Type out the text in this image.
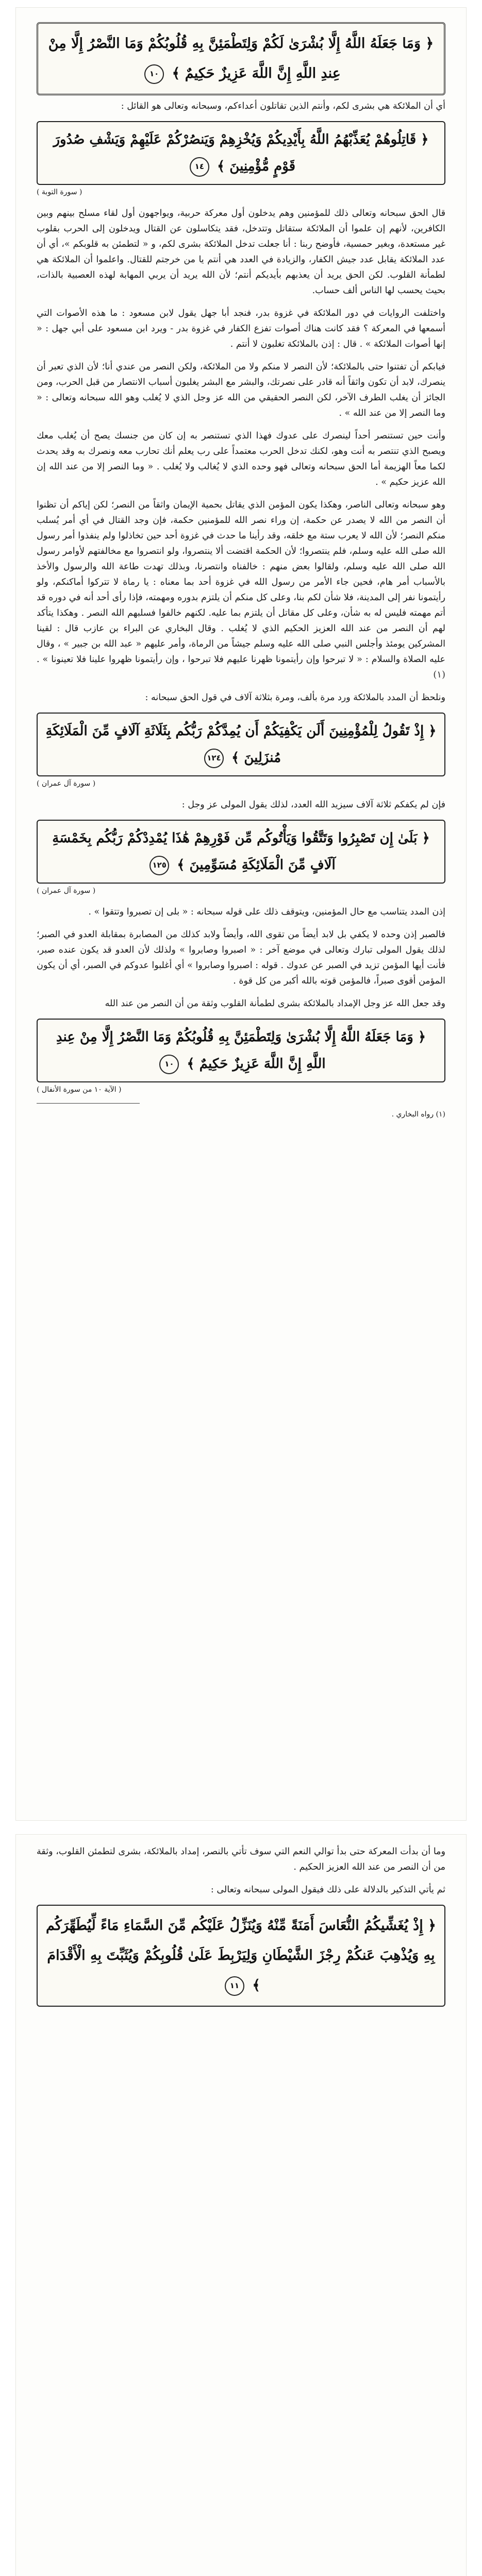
﴿ وَمَا جَعَلَهُ اللَّهُ إِلَّا بُشْرَىٰ لَكُمْ وَلِتَطْمَئِنَّ بِهِ قُلُوبُكُمْ وَمَا النَّصْرُ إِلَّا مِنْ عِندِ اللَّهِ إِنَّ اللَّهَ عَزِيزٌ حَكِيمٌ ﴾ ١٠

أي أن الملائكة هي بشرى لكم، وأنتم الذين تقاتلون أعداءكم، وسبحانه وتعالى هو القائل :

﴿ قَاتِلُوهُمْ يُعَذِّبْهُمُ اللَّهُ بِأَيْدِيكُمْ وَيُخْزِهِمْ وَيَنصُرْكُمْ عَلَيْهِمْ وَيَشْفِ صُدُورَ قَوْمٍ مُّؤْمِنِينَ ﴾ ١٤

( سورة التوبة )

قال الحق سبحانه وتعالى ذلك للمؤمنين وهم يدخلون أول معركة حربية، ويواجهون أول لقاء مسلح بينهم وبين الكافرين، لأنهم إن علموا أن الملائكة ستقاتل وتتدخل، فقد يتكاسلون عن القتال ويدخلون إلى الحرب بقلوب غير مستعدة، وبغير حمسية، فأوضح ربنا : أنا جعلت تدخل الملائكة بشرى لكم، و « لتطمئن به قلوبكم »، أي أن عدد الملائكة يقابل عدد جيش الكفار، والزيادة في العدد هي أنتم يا من خرجتم للقتال. واعلموا أن الملائكة هي لطمأنة القلوب. لكن الحق يريد أن يعذبهم بأيديكم أنتم؛ لأن الله يريد أن يربي المهابة لهذه العصبية بالذات، بحيث يحسب لها الناس ألف حساب.

واختلفت الروايات في دور الملائكة في غزوة بدر، فنجد أبا جهل يقول لابن مسعود : ما هذه الأصوات التي أسمعها في المعركة ؟ فقد كانت هناك أصوات تفزع الكفار في غزوة بدر - ويرد ابن مسعود على أبي جهل : « إنها أصوات الملائكة » . قال : إذن بالملائكة تغلبون لا أنتم .

فيابكم أن تفتنوا حتى بالملائكة؛ لأن النصر لا منكم ولا من الملائكة، ولكن النصر من عندي أنا؛ لأن الذي تعبر أن ينصرك، لابد أن تكون واثقاً أنه قادر على نصرتك، والبشر مع البشر يغلبون أسباب الانتصار من قبل الحرب، ومن الجائز أن يغلب الطرف الآخر، لكن النصر الحقيقي من الله عز وجل الذي لا يُغلب وهو الله سبحانه وتعالى : « وما النصر إلا من عند الله » .

وأنت حين تستنصر أحداً لينصرك على عدوك فهذا الذي تستنصر به إن كان من جنسك يصح أن يُغلب معك ويصبح الذي تنتصر به أنت وهو، لكنك تدخل الحرب معتمداً على رب يعلم أنك تحارب معه ونصرك به وقد يحدث لكما معاً الهزيمة أما الحق سبحانه وتعالى فهو وحده الذي لا يُغالب ولا يُغلب . « وما النصر إلا من عند الله إن الله عزيز حكيم » .

وهو سبحانه وتعالى الناصر، وهكذا يكون المؤمن الذي يقاتل بحمية الإيمان واثقاً من النصر؛ لكن إياكم أن تظنوا أن النصر من الله لا يصدر عن حكمة، إن وراء نصر الله للمؤمنين حكمة، فإن وجد القتال في أي أمر يُسلب منكم النصر؛ لأن الله لا يعرب ستة مع خلقه، وقد رأينا ما حدث في غزوة أحد حين تخاذلوا ولم ينفذوا أمر رسول الله صلى الله عليه وسلم، فلم ينتصروا؛ لأن الحكمة اقتضت ألا ينتصروا، ولو انتصروا مع مخالفتهم لأوامر رسول الله صلى الله عليه وسلم، ولقالوا بعض منهم : خالفناه وانتصرنا، وبذلك تهدت طاعة الله والرسول والأخذ بالأسباب أمر هام، فحين جاء الأمر من رسول الله في غزوة أحد بما معناه : يا رماة لا تتركوا أماكنكم، ولو رأيتمونا نفر إلى المدينة، فلا شأن لكم بنا، وعلى كل منكم أن يلتزم بدوره ومهمته، فإذا رأى أحد أنه في دوره قد أتم مهمته فليس له به شأن، وعلى كل مقاتل أن يلتزم بما عليه. لكنهم خالفوا فسلبهم الله النصر . وهكذا يتأكد لهم أن النصر من عند الله العزيز الحكيم الذي لا يُغلب . وقال البخاري عن البراء بن عازب قال : لقينا المشركين يومئذ وأجلس النبي صلى الله عليه وسلم جيشاً من الرماة، وأمر عليهم « عبد الله بن جبير » ، وقال عليه الصلاة والسلام : « لا تبرحوا وإن رأيتمونا ظهرنا عليهم فلا تبرحوا ، وإن رأيتمونا ظهروا علينا فلا تعينونا » . (١)

ونلحظ أن المدد بالملائكة ورد مرة بألف، ومرة بثلاثة آلاف في قول الحق سبحانه :

﴿ إِذْ تَقُولُ لِلْمُؤْمِنِينَ أَلَن يَكْفِيَكُمْ أَن يُمِدَّكُمْ رَبُّكُم بِثَلَاثَةِ آلَافٍ مِّنَ الْمَلَائِكَةِ مُنزَلِينَ ﴾ ١٢٤

( سورة آل عمران )

فإن لم يكفكم ثلاثة آلاف سيزيد الله العدد، لذلك يقول المولى عز وجل :

﴿ بَلَىٰ إِن تَصْبِرُوا وَتَتَّقُوا وَيَأْتُوكُم مِّن فَوْرِهِمْ هَٰذَا يُمْدِدْكُمْ رَبُّكُم بِخَمْسَةِ آلَافٍ مِّنَ الْمَلَائِكَةِ مُسَوِّمِينَ ﴾ ١٢٥

( سورة آل عمران )

إذن المدد يتناسب مع حال المؤمنين، ويتوقف ذلك على قوله سبحانه : « بلى إن تصبروا وتتقوا » .

فالصبر إذن وحده لا يكفي بل لابد أيضاً من تقوى الله، وأيضاً ولابد كذلك من المصابرة بمقابلة العدو في الصبر؛ لذلك يقول المولى تبارك وتعالى في موضع آخر : « اصبروا وصابروا » ولذلك لأن العدو قد يكون عنده صبر، فأنت أيها المؤمن تزيد في الصبر عن عدوك . قوله : اصبروا وصابروا » أي أغلبوا عدوكم في الصبر، أي أن يكون المؤمن أقوى صبراً، فالمؤمن قوته بالله أكبر من كل قوة .

وقد جعل الله عز وجل الإمداد بالملائكة بشرى لطمأنة القلوب وثقة من أن النصر من عند الله

﴿ وَمَا جَعَلَهُ اللَّهُ إِلَّا بُشْرَىٰ وَلِتَطْمَئِنَّ بِهِ قُلُوبُكُمْ وَمَا النَّصْرُ إِلَّا مِنْ عِندِ اللَّهِ إِنَّ اللَّهَ عَزِيزٌ حَكِيمٌ ﴾ ١٠

( الآية ١٠ من سورة الأنفال )

(١) رواه البخاري .

وما أن بدأت المعركة حتى بدأ توالي النعم التي سوف تأتي بالنصر، إمداد بالملائكة، بشرى لتطمئن القلوب، وثقة من أن النصر من عند الله العزيز الحكيم .

ثم يأتي التذكير بالدلالة على ذلك فيقول المولى سبحانه وتعالى :

﴿ إِذْ يُغَشِّيكُمُ النُّعَاسَ أَمَنَةً مِّنْهُ وَيُنَزِّلُ عَلَيْكُم مِّنَ السَّمَاءِ مَاءً لِّيُطَهِّرَكُم بِهِ وَيُذْهِبَ عَنكُمْ رِجْزَ الشَّيْطَانِ وَلِيَرْبِطَ عَلَىٰ قُلُوبِكُمْ وَيُثَبِّتَ بِهِ الْأَقْدَامَ ﴾ ١١
